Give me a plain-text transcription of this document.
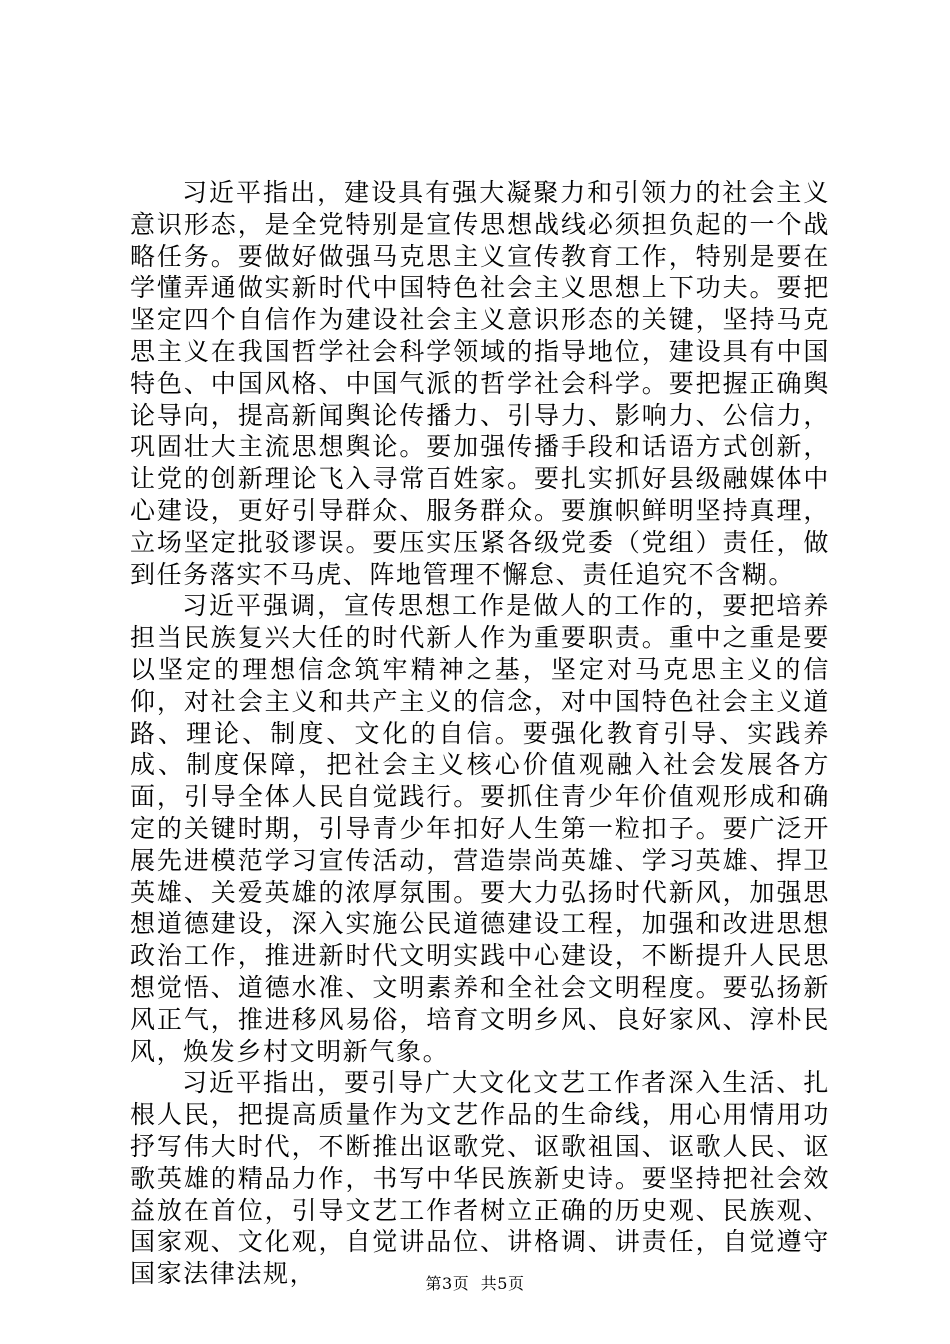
习近平指出，建设具有强大凝聚力和引领力的社会主义意识形态，是全党特别是宣传思想战线必须担负起的一个战略任务。要做好做强马克思主义宣传教育工作，特别是要在学懂弄通做实新时代中国特色社会主义思想上下功夫。要把坚定四个自信作为建设社会主义意识形态的关键，坚持马克思主义在我国哲学社会科学领域的指导地位，建设具有中国特色、中国风格、中国气派的哲学社会科学。要把握正确舆论导向，提高新闻舆论传播力、引导力、影响力、公信力，巩固壮大主流思想舆论。要加强传播手段和话语方式创新，让党的创新理论飞入寻常百姓家。要扎实抓好县级融媒体中心建设，更好引导群众、服务群众。要旗帜鲜明坚持真理，立场坚定批驳谬误。要压实压紧各级党委（党组）责任，做到任务落实不马虎、阵地管理不懈怠、责任追究不含糊。

习近平强调，宣传思想工作是做人的工作的，要把培养担当民族复兴大任的时代新人作为重要职责。重中之重是要以坚定的理想信念筑牢精神之基，坚定对马克思主义的信仰，对社会主义和共产主义的信念，对中国特色社会主义道路、理论、制度、文化的自信。要强化教育引导、实践养成、制度保障，把社会主义核心价值观融入社会发展各方面，引导全体人民自觉践行。要抓住青少年价值观形成和确定的关键时期，引导青少年扣好人生第一粒扣子。要广泛开展先进模范学习宣传活动，营造崇尚英雄、学习英雄、捍卫英雄、关爱英雄的浓厚氛围。要大力弘扬时代新风，加强思想道德建设，深入实施公民道德建设工程，加强和改进思想政治工作，推进新时代文明实践中心建设，不断提升人民思想觉悟、道德水准、文明素养和全社会文明程度。要弘扬新风正气，推进移风易俗，培育文明乡风、良好家风、淳朴民风，焕发乡村文明新气象。

习近平指出，要引导广大文化文艺工作者深入生活、扎根人民，把提高质量作为文艺作品的生命线，用心用情用功抒写伟大时代，不断推出讴歌党、讴歌祖国、讴歌人民、讴歌英雄的精品力作，书写中华民族新史诗。要坚持把社会效益放在首位，引导文艺工作者树立正确的历史观、民族观、国家观、文化观，自觉讲品位、讲格调、讲责任，自觉遵守国家法律法规，	第3页 共5页
